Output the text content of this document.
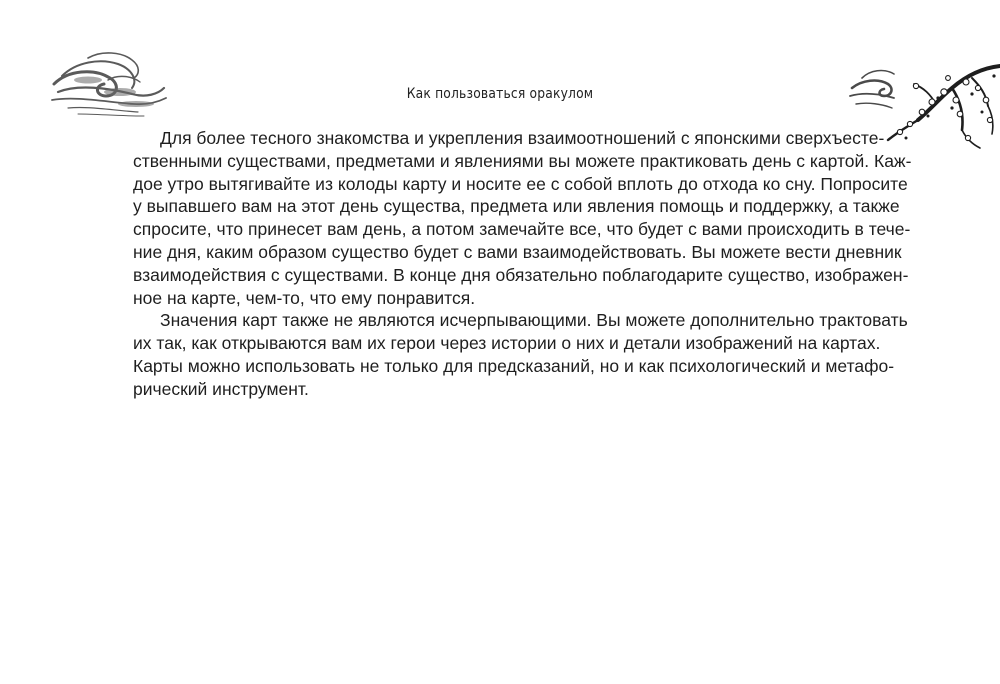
Как пользоваться оракулом
Для более тесного знакомства и укрепления взаимоотношений с японскими сверхъесте-
ственными существами, предметами и явлениями вы можете практиковать день с картой. Каж-
дое утро вытягивайте из колоды карту и носите ее с собой вплоть до отхода ко сну. Попросите
у выпавшего вам на этот день существа, предмета или явления помощь и поддержку, а также
спросите, что принесет вам день, а потом замечайте все, что будет с вами происходить в тече-
ние дня, каким образом существо будет с вами взаимодействовать. Вы можете вести дневник
взаимодействия с существами. В конце дня обязательно поблагодарите существо, изображен-
ное на карте, чем-то, что ему понравится.
Значения карт также не являются исчерпывающими. Вы можете дополнительно трактовать
их так, как открываются вам их герои через истории о них и детали изображений на картах.
Карты можно использовать не только для предсказаний, но и как психологический и метафо-
рический инструмент.
